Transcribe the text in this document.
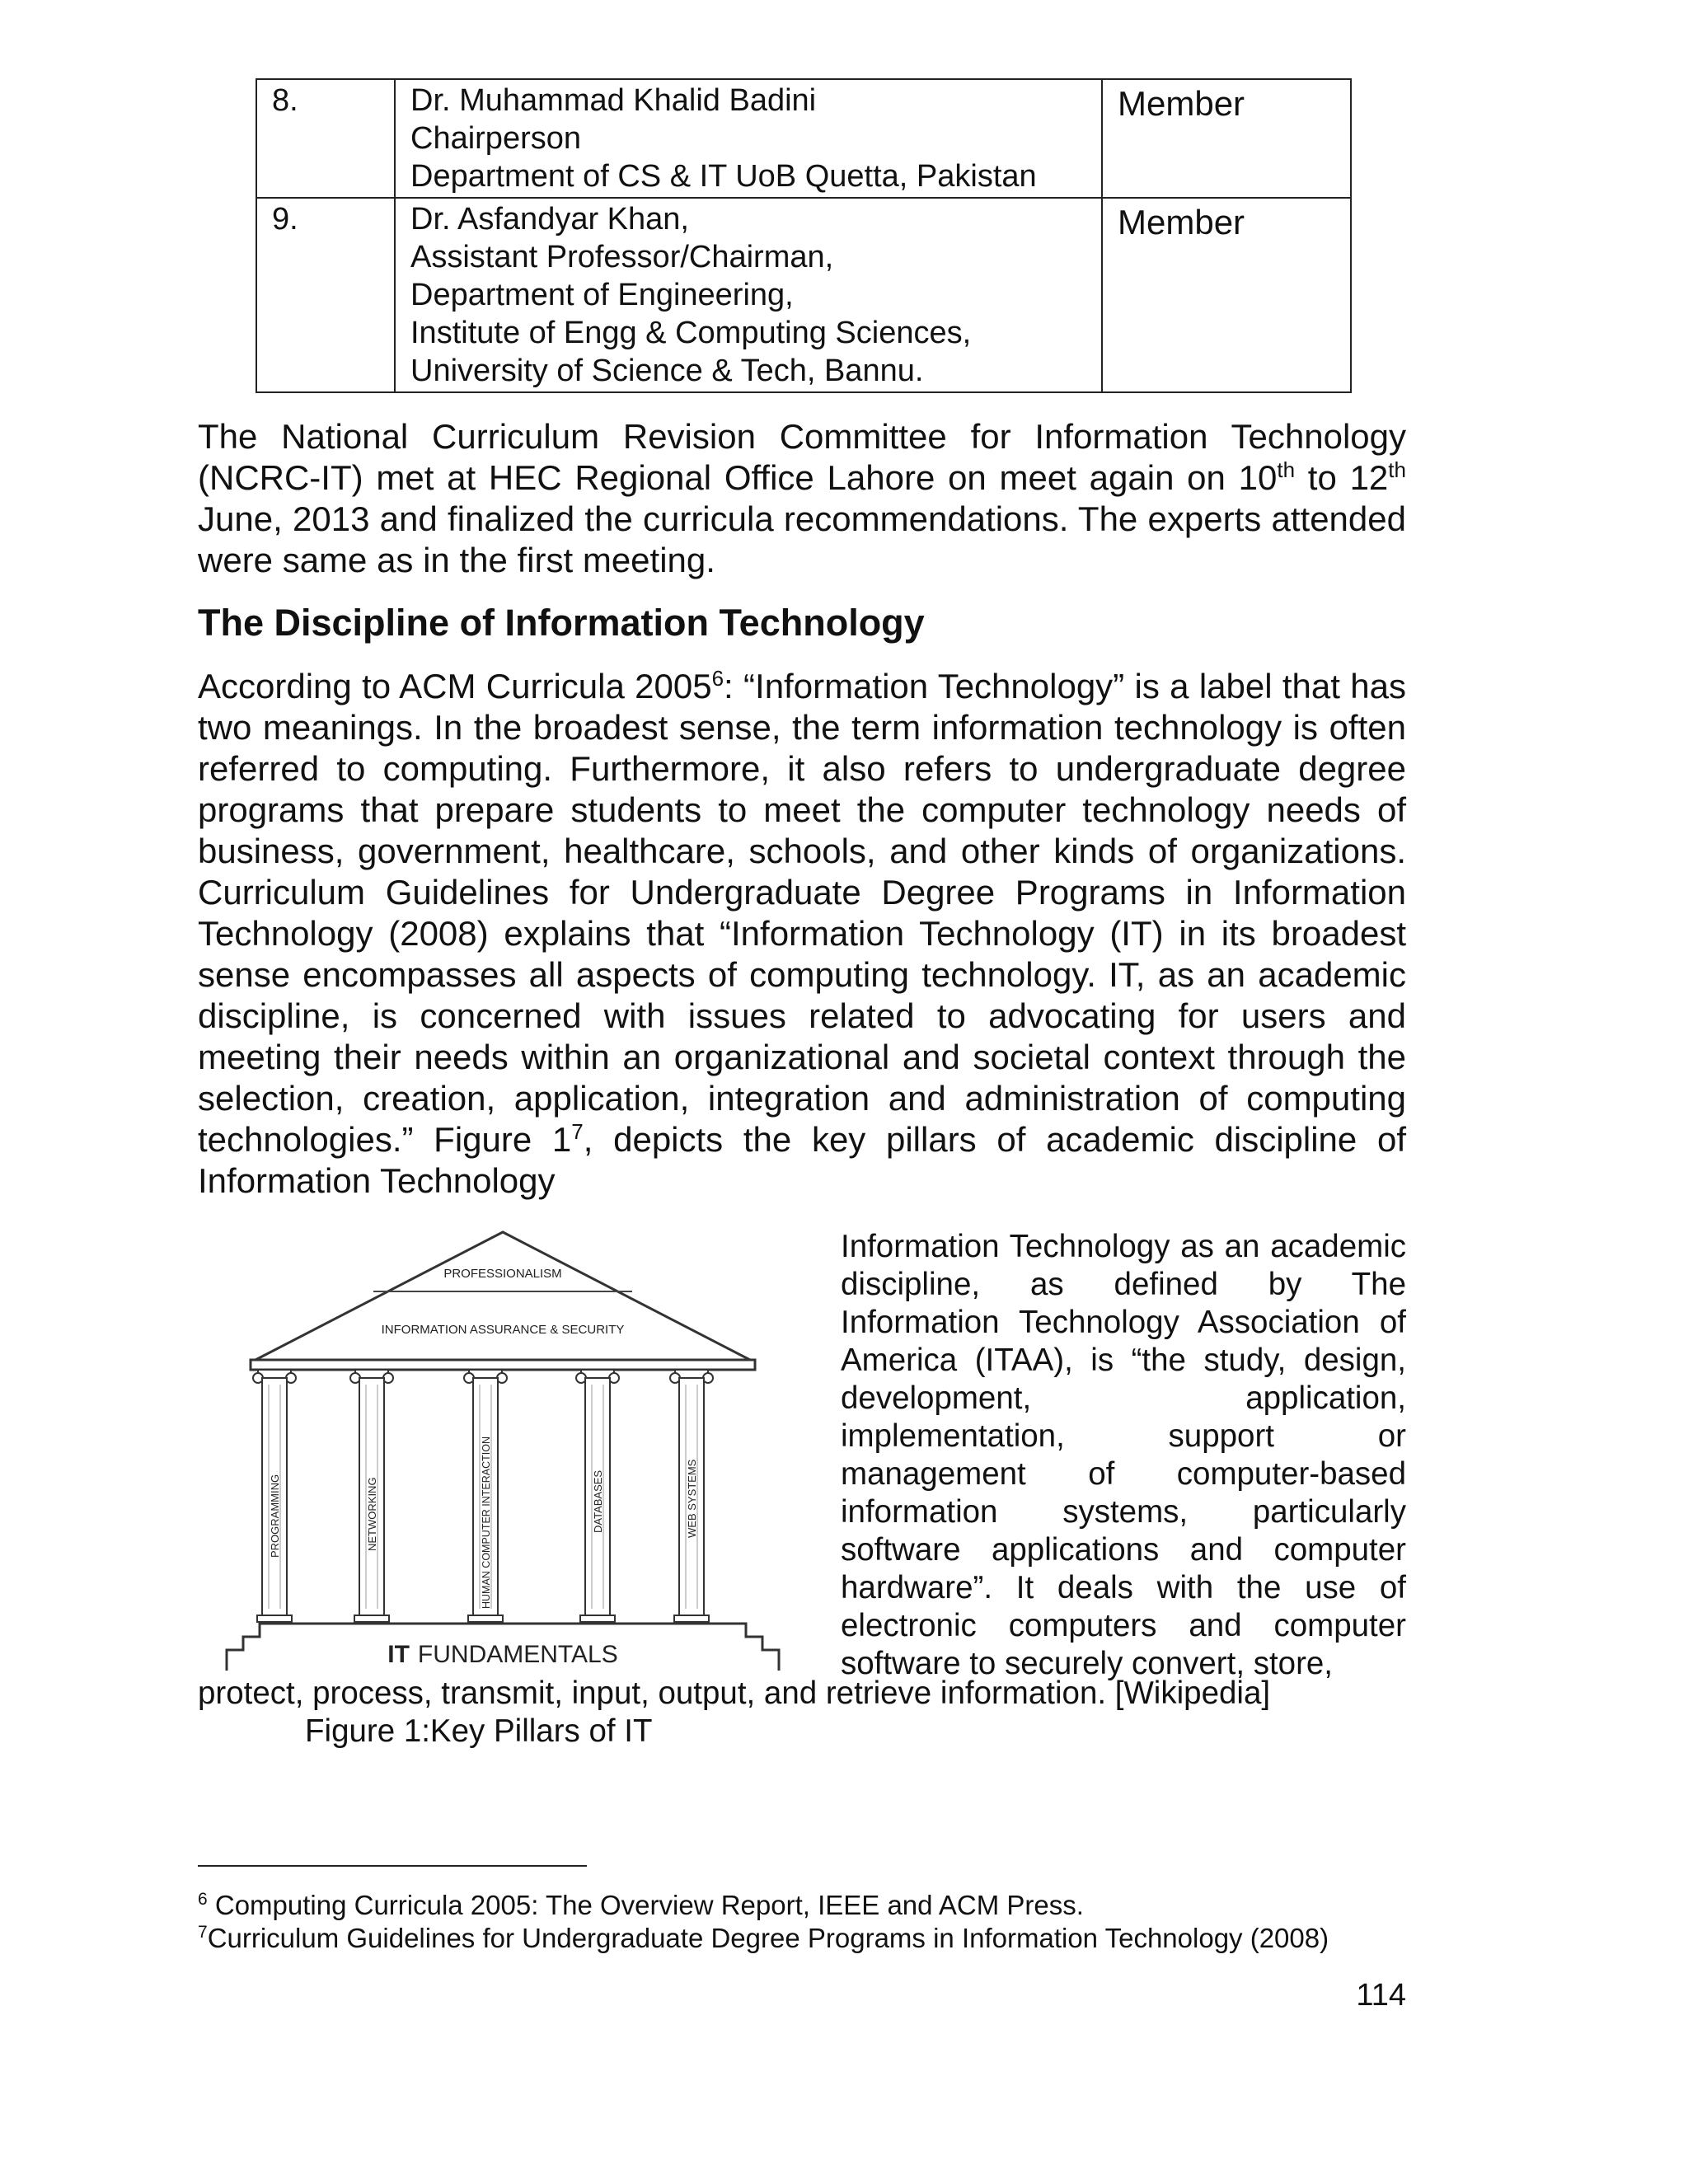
8.	Dr. Muhammad Khalid Badini
Chairperson
Department of CS & IT UoB Quetta, Pakistan	Member
9.	Dr. Asfandyar Khan,
Assistant Professor/Chairman,
Department of Engineering,
Institute of Engg & Computing Sciences,
University of Science & Tech, Bannu.	Member

The National Curriculum Revision Committee for Information Technology (NCRC-IT) met at HEC Regional Office Lahore on meet again on 10th to 12th June, 2013 and finalized the curricula recommendations. The experts attended were same as in the first meeting.

The Discipline of Information Technology

According to ACM Curricula 2005$^6$: “Information Technology” is a label that has two meanings. In the broadest sense, the term information technology is often referred to computing. Furthermore, it also refers to undergraduate degree programs that prepare students to meet the computer technology needs of business, government, healthcare, schools, and other kinds of organizations. Curriculum Guidelines for Undergraduate Degree Programs in Information Technology (2008) explains that “Information Technology (IT) in its broadest sense encompasses all aspects of computing technology. IT, as an academic discipline, is concerned with issues related to advocating for users and meeting their needs within an organizational and societal context through the selection, creation, application, integration and administration of computing technologies.” Figure $1^7$, depicts the key pillars of academic discipline of Information Technology

PROFESSIONALISM
INFORMATION ASSURANCE & SECURITY
PROGRAMMING	NETWORKING	HUMAN COMPUTER INTERACTION	DATABASES	WEB SYSTEMS
IT FUNDAMENTALS

Information Technology as an academic discipline, as defined by The Information Technology Association of America (ITAA), is “the study, design, development, application, implementation, support or management of computer-based information systems, particularly software applications and computer hardware”. It deals with the use of electronic computers and computer software to securely convert, store,

protect, process, transmit, input, output, and retrieve information. [Wikipedia]

Figure 1:Key Pillars of IT

$^6$ Computing Curricula 2005: The Overview Report, IEEE and ACM Press.

$^7$Curriculum Guidelines for Undergraduate Degree Programs in Information Technology (2008)

114
